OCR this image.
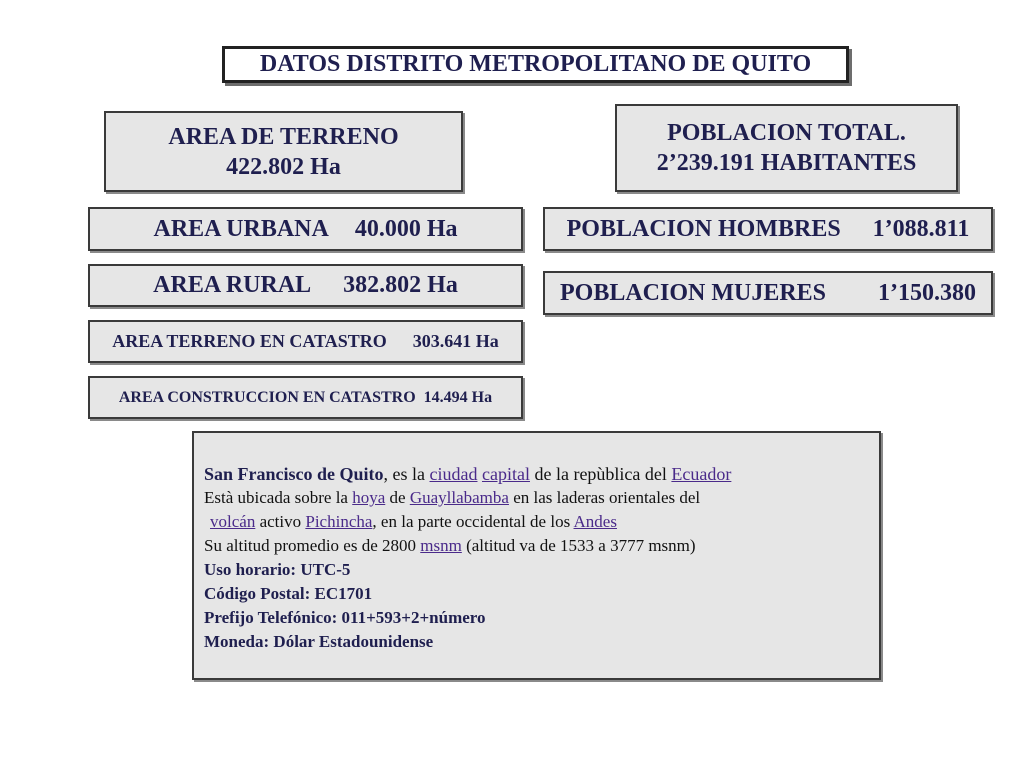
DATOS DISTRITO METROPOLITANO DE QUITO
AREA DE TERRENO
422.802 Ha
POBLACION TOTAL.
2’239.191 HABITANTES
AREA URBANA 40.000 Ha	POBLACION HOMBRES 1’088.811
AREA RURAL 382.802 Ha	POBLACION MUJERES 1’150.380
AREA TERRENO EN CATASTRO 303.641 Ha
AREA CONSTRUCCION EN CATASTRO 14.494 Ha

San Francisco de Quito, es la ciudad capital de la repùblica del Ecuador

Està ubicada sobre la hoya de Guayllabamba en las laderas orientales del

volcán activo Pichincha, en la parte occidental de los Andes

Su altitud promedio es de 2800 msnm (altitud va de 1533 a 3777 msnm)

Uso horario: UTC-5

Código Postal: EC1701

Prefijo Telefónico: 011+593+2+número

Moneda: Dólar Estadounidense
